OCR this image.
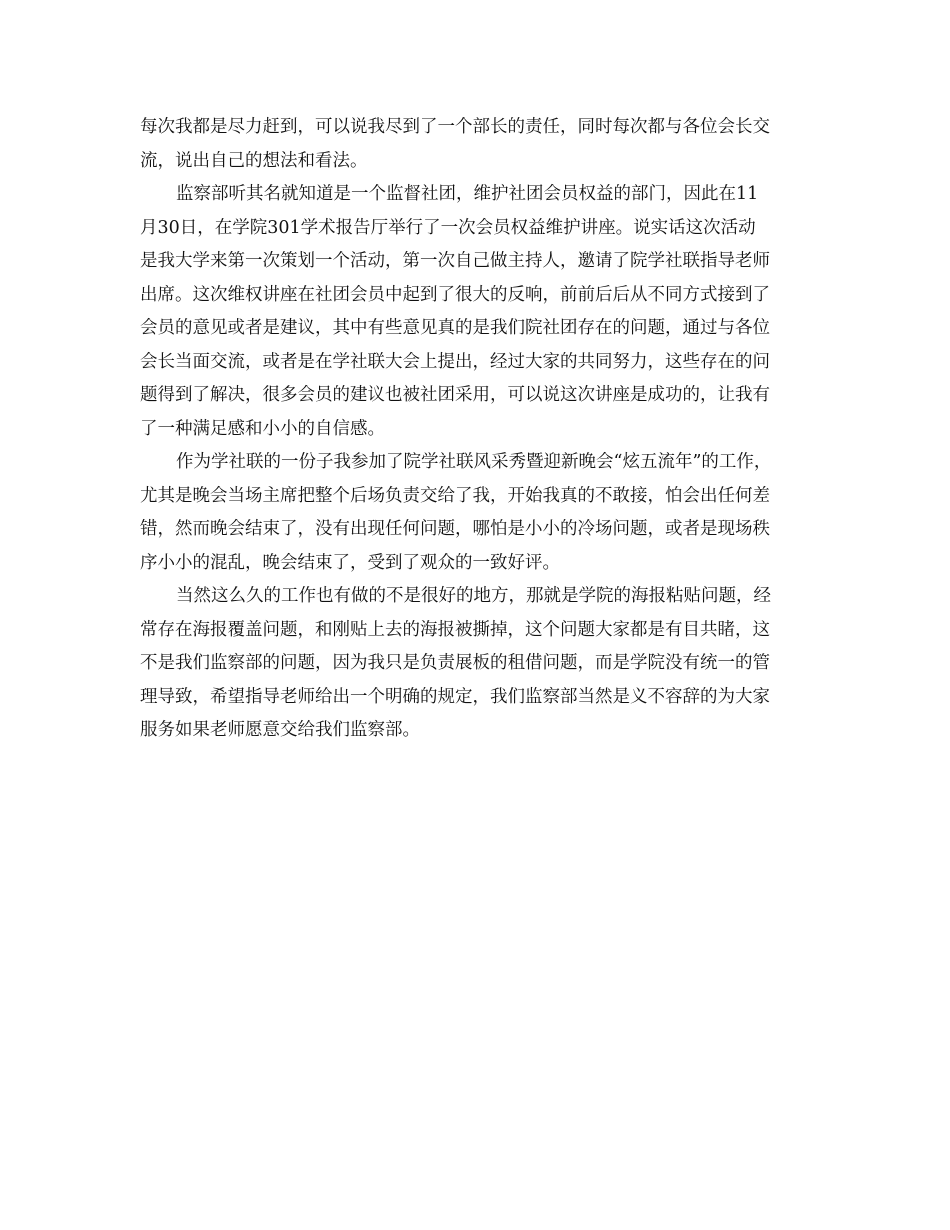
每次我都是尽力赶到，可以说我尽到了一个部长的责任，同时每次都与各位会长交
流，说出自己的想法和看法。
监察部听其名就知道是一个监督社团，维护社团会员权益的部门，因此在11
月30日，在学院301学术报告厅举行了一次会员权益维护讲座。说实话这次活动
是我大学来第一次策划一个活动，第一次自己做主持人，邀请了院学社联指导老师
出席。这次维权讲座在社团会员中起到了很大的反响，前前后后从不同方式接到了
会员的意见或者是建议，其中有些意见真的是我们院社团存在的问题，通过与各位
会长当面交流，或者是在学社联大会上提出，经过大家的共同努力，这些存在的问
题得到了解决，很多会员的建议也被社团采用，可以说这次讲座是成功的，让我有
了一种满足感和小小的自信感。
作为学社联的一份子我参加了院学社联风采秀暨迎新晚会“炫五流年”的工作，
尤其是晚会当场主席把整个后场负责交给了我，开始我真的不敢接，怕会出任何差
错，然而晚会结束了，没有出现任何问题，哪怕是小小的冷场问题，或者是现场秩
序小小的混乱，晚会结束了，受到了观众的一致好评。
当然这么久的工作也有做的不是很好的地方，那就是学院的海报粘贴问题，经
常存在海报覆盖问题，和刚贴上去的海报被撕掉，这个问题大家都是有目共睹，这
不是我们监察部的问题，因为我只是负责展板的租借问题，而是学院没有统一的管
理导致，希望指导老师给出一个明确的规定，我们监察部当然是义不容辞的为大家
服务如果老师愿意交给我们监察部。
